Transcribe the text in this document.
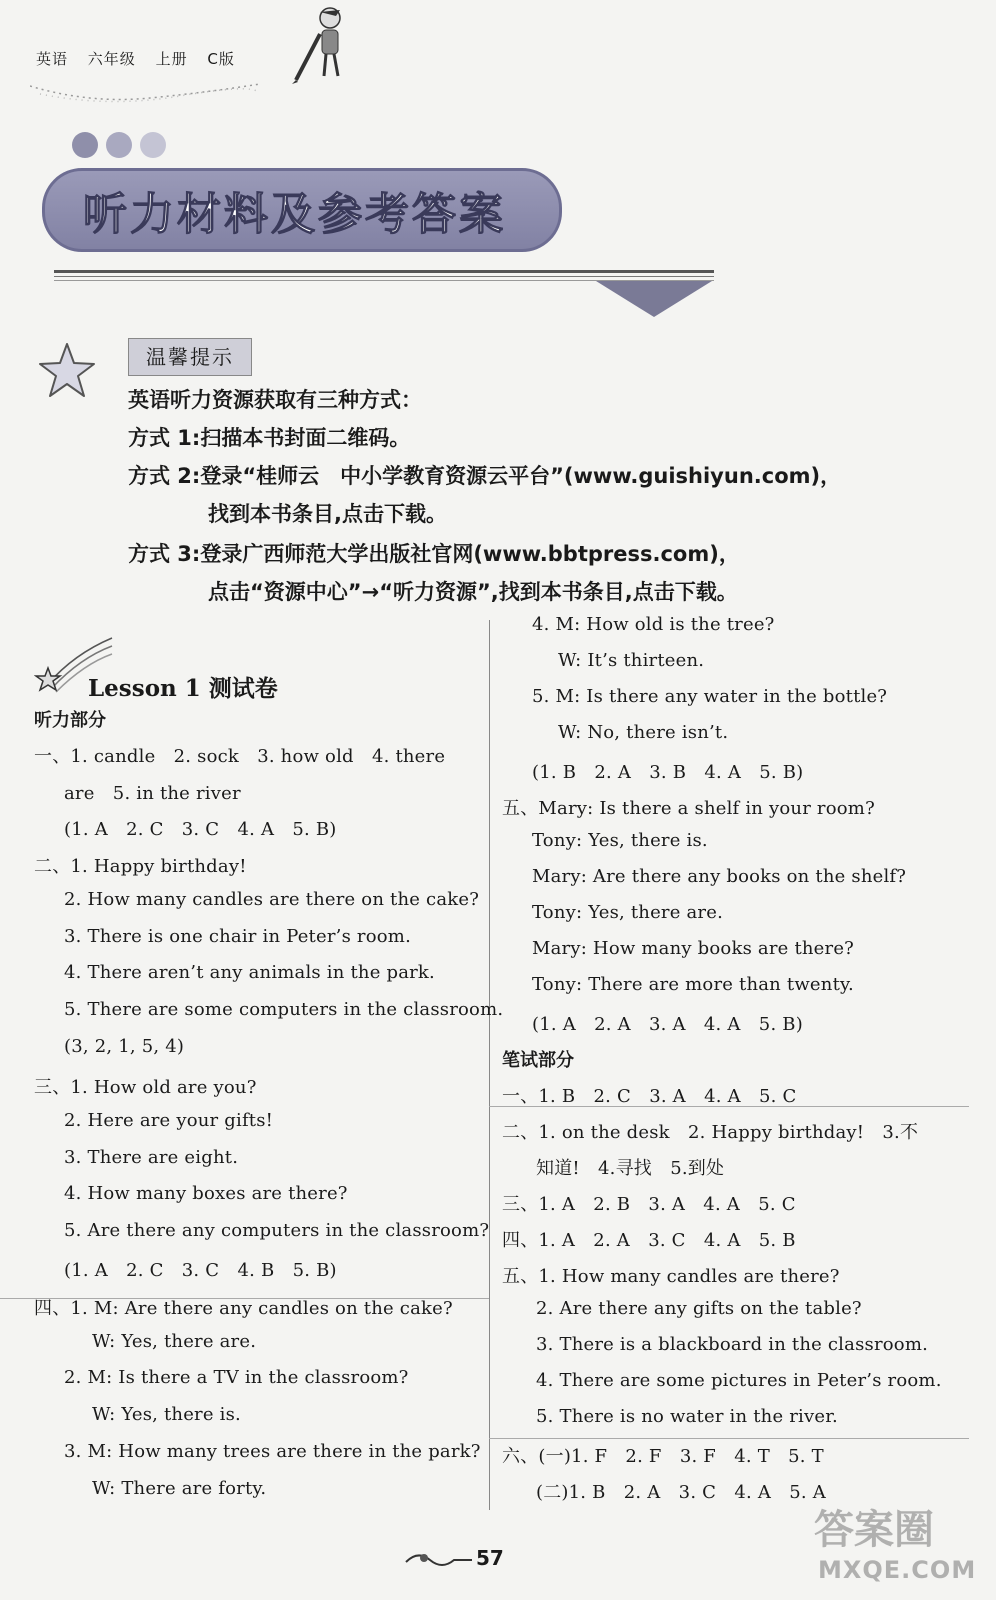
英语 六年级 上册 C版
听力材料及参考答案
温馨提示
英语听力资源获取有三种方式：
方式 1:扫描本书封面二维码。
方式 2:登录“桂师云　中小学教育资源云平台”(www.guishiyun.com)，
找到本书条目,点击下载。
方式 3:登录广西师范大学出版社官网(www.bbtpress.com)，
点击“资源中心”→“听力资源”,找到本书条目,点击下载。
Lesson 1 测试卷
听力部分
一、1. candle　2. sock　3. how old　4. there
are　5. in the river
(1. A　2. C　3. C　4. A　5. B)
二、1. Happy birthday!
2. How many candles are there on the cake?
3. There is one chair in Peter’s room.
4. There aren’t any animals in the park.
5. There are some computers in the classroom.
(3, 2, 1, 5, 4)
三、1. How old are you?
2. Here are your gifts!
3. There are eight.
4. How many boxes are there?
5. Are there any computers in the classroom?
(1. A　2. C　3. C　4. B　5. B)
四、1. M: Are there any candles on the cake?
W: Yes, there are.
2. M: Is there a TV in the classroom?
W: Yes, there is.
3. M: How many trees are there in the park?
W: There are forty.
4. M: How old is the tree?
W: It’s thirteen.
5. M: Is there any water in the bottle?
W: No, there isn’t.
(1. B　2. A　3. B　4. A　5. B)
五、Mary: Is there a shelf in your room?
Tony: Yes, there is.
Mary: Are there any books on the shelf?
Tony: Yes, there are.
Mary: How many books are there?
Tony: There are more than twenty.
(1. A　2. A　3. A　4. A　5. B)
笔试部分
一、1. B　2. C　3. A　4. A　5. C
二、1. on the desk　2. Happy birthday!　3.不
知道!　4.寻找　5.到处
三、1. A　2. B　3. A　4. A　5. C
四、1. A　2. A　3. C　4. A　5. B
五、1. How many candles are there?
2. Are there any gifts on the table?
3. There is a blackboard in the classroom.
4. There are some pictures in Peter’s room.
5. There is no water in the river.
六、(一)1. F　2. F　3. F　4. T　5. T
(二)1. B　2. A　3. C　4. A　5. A
57
答案圈
MXQE.COM
